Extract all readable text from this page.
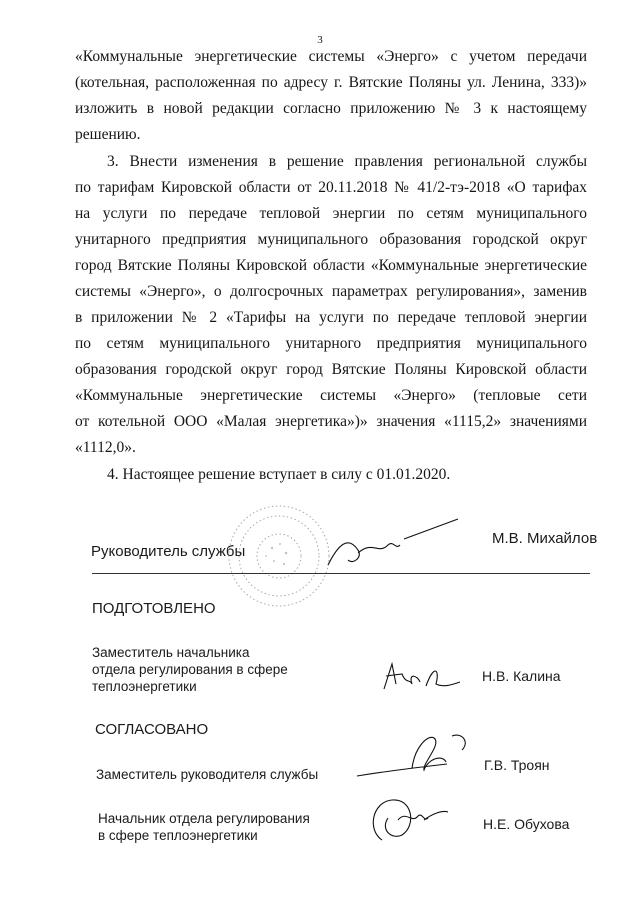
3
«Коммунальные энергетические системы «Энерго» с учетом передачи
(котельная, расположенная по адресу г. Вятские Поляны ул. Ленина, 333)»
изложить в новой редакции согласно приложению № 3 к настоящему
решению.
3. Внести изменения в решение правления региональной службы
по тарифам Кировской области от 20.11.2018 № 41/2-тэ-2018 «О тарифах
на услуги по передаче тепловой энергии по сетям муниципального
унитарного предприятия муниципального образования городской округ
город Вятские Поляны Кировской области «Коммунальные энергетические
системы «Энерго», о долгосрочных параметрах регулирования», заменив
в приложении № 2 «Тарифы на услуги по передаче тепловой энергии
по сетям муниципального унитарного предприятия муниципального
образования городской округ город Вятские Поляны Кировской области
«Коммунальные энергетические системы «Энерго» (тепловые сети
от котельной ООО «Малая энергетика»)» значения «1115,2» значениями
«1112,0».
4. Настоящее решение вступает в силу с 01.01.2020.
Руководитель службы
М.В. Михайлов
ПОДГОТОВЛЕНО
Заместитель начальника
отдела регулирования в сфере
теплоэнергетики
Н.В. Калина
СОГЛАСОВАНО
Заместитель руководителя службы
Г.В. Троян
Начальник отдела регулирования
в сфере теплоэнергетики
Н.Е. Обухова
